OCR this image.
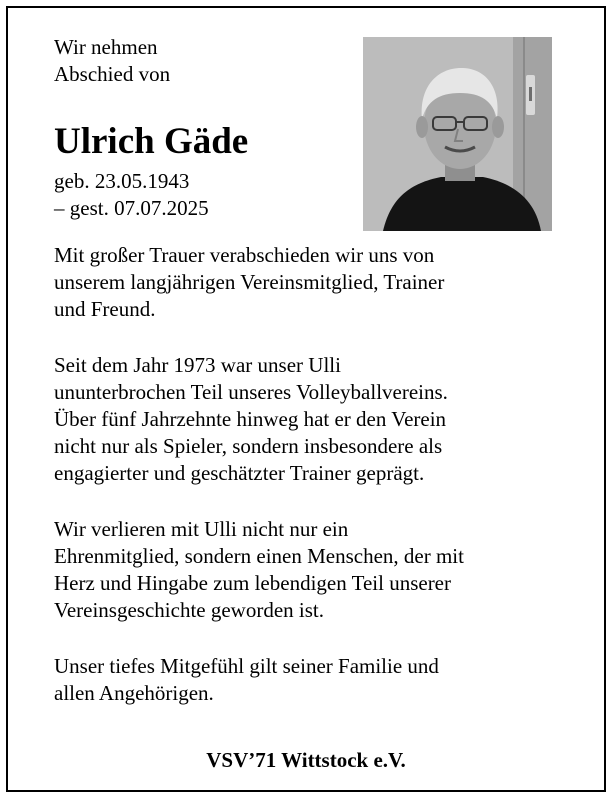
Wir nehmen
Abschied von
Ulrich Gäde
geb. 23.05.1943
– gest. 07.07.2025
Mit großer Trauer verabschieden wir uns von
unserem langjährigen Vereinsmitglied, Trainer
und Freund.
Seit dem Jahr 1973 war unser Ulli
ununterbrochen Teil unseres Volleyballvereins.
Über fünf Jahrzehnte hinweg hat er den Verein
nicht nur als Spieler, sondern insbesondere als
engagierter und geschätzter Trainer geprägt.
Wir verlieren mit Ulli nicht nur ein
Ehrenmitglied, sondern einen Menschen, der mit
Herz und Hingabe zum lebendigen Teil unserer
Vereinsgeschichte geworden ist.
Unser tiefes Mitgefühl gilt seiner Familie und
allen Angehörigen.
VSV’71 Wittstock e.V.
